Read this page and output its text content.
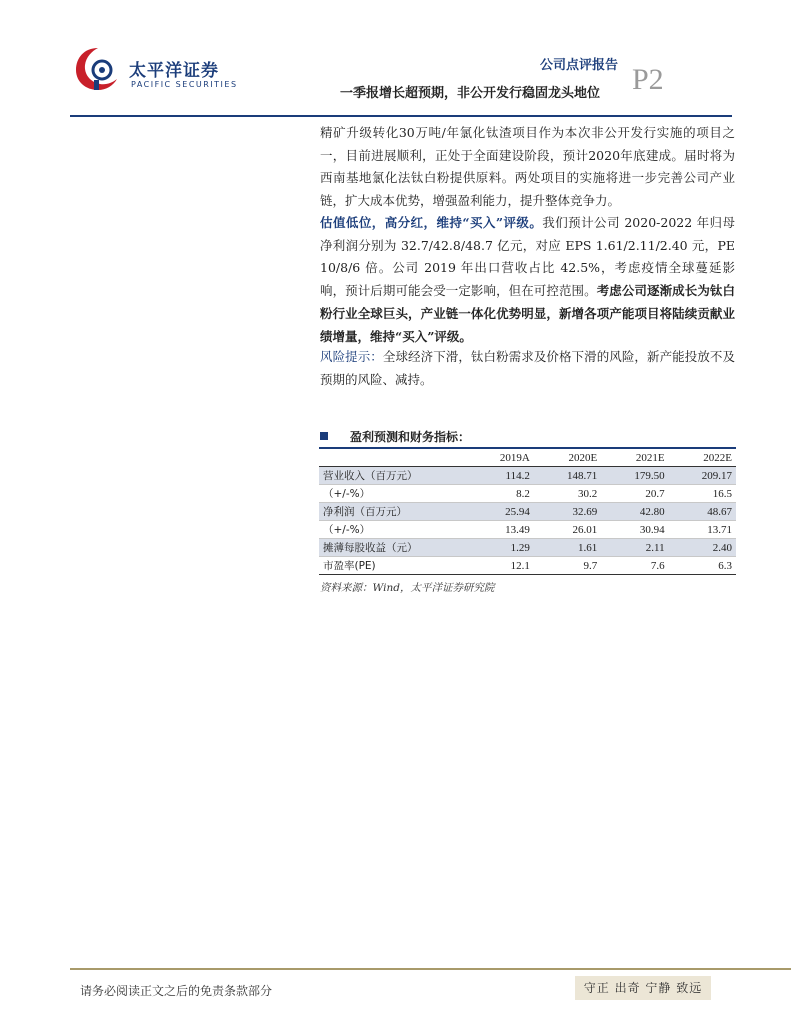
太平洋证券
PACIFIC SECURITIES
公司点评报告
一季报增长超预期，非公开发行稳固龙头地位 P2
精矿升级转化30万吨/年氯化钛渣项目作为本次非公开发行实施的项目之一，目前进展顺利，正处于全面建设阶段，预计2020年底建成。届时将为西南基地氯化法钛白粉提供原料。两处项目的实施将进一步完善公司产业链，扩大成本优势，增强盈利能力，提升整体竞争力。
估值低位，高分红，维持“买入”评级。我们预计公司 2020-2022 年归母净利润分别为 32.7/42.8/48.7 亿元，对应 EPS 1.61/2.11/2.40 元，PE 10/8/6 倍。公司 2019 年出口营收占比 42.5%，考虑疫情全球蔓延影响，预计后期可能会受一定影响，但在可控范围。考虑公司逐渐成长为钛白粉行业全球巨头，产业链一体化优势明显，新增各项产能项目将陆续贡献业绩增量，维持“买入”评级。
风险提示：全球经济下滑，钛白粉需求及价格下滑的风险，新产能投放不及预期的风险、减持。
盈利预测和财务指标：
	2019A	2020E	2021E	2022E
营业收入（百万元）	114.2	148.71	179.50	209.17
（+/-%）	8.2	30.2	20.7	16.5
净利润（百万元）	25.94	32.69	42.80	48.67
（+/-%）	13.49	26.01	30.94	13.71
摊薄每股收益（元）	1.29	1.61	2.11	2.40
市盈率(PE)	12.1	9.7	7.6	6.3
资料来源：Wind，太平洋证券研究院
请务必阅读正文之后的免责条款部分	守正 出奇 宁静 致远
